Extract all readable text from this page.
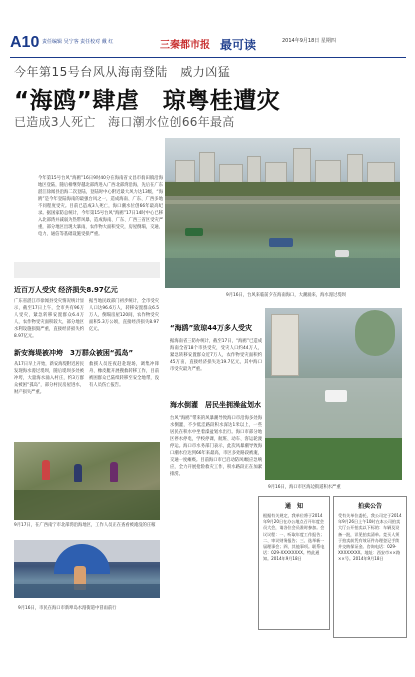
A10 责任编辑 吴宁客 责任校对 戴 红	三秦都市报 最可读	2014年9月18日 星期四
今年第15号台风从海南登陆　威力凶猛
“海鸥”肆虐　琼粤桂遭灾
已造成3人死亡　海口潮水位创66年最高
今年第15号台风“海鸥”16日9时40分在海南省文昌市翁田镇沿海地区登陆，随后相继穿越北部湾进入广西北部湾沿海，先后在广东湛江徐闻县沿海二次登陆，登陆时中心附近最大风力达13级，“海鸥”是今年登陆海南的最强台风之一，造成海南、广东、广西多地不同程度受灾。目前已造成3人死亡，海口潮水位创66年最高纪录。据国家防总统计，今年第15号台风“海鸥”17日14时中心已移入北部湾并减弱为热带风暴，造成海南、广东、广西三省区受灾严重，部分地区出现大暴雨，农作物大面积受灾，房屋倒塌，交通、电力、通信等基础设施受损严重。
9月16日，台风来临前夕在海南海口，大潮涌来，海水漫过堤坝
近百万人受灾 经济损失8.97亿元
广东省湛江市徐闻县受灾情况统计显示，截至17日上午，全市共有96万人受灾，紧急转移安置群众6.4万人，农作物受灾面积较大，部分地区水利设施损毁严重，直接经济损失约8.97亿元。
据当地民政部门初步统计，全市受灾人口达96.6万人，转移安置群众6.5万人，倒塌房屋120间，农作物受灾面积5.3万公顷，直接经济损失8.97亿元。
新安海堤被冲垮　3万群众被困“孤岛”
从17日早上开始，新安海堤附近居民发现海水漫过堤坝，随后堤坝多处被冲垮，大量海水涌入村庄，约3万群众被困“孤岛”，部分村民房屋进水，财产损失严重。
救援人员连夜赶赴现场，调集冲锋舟、橡皮艇开展搜救转移工作，目前被困群众已陆续转移至安全地带，没有人员伤亡报告。
9月17日，在广西南宁市北部湾沿海地区，工作人员正在查看被淹没的庄稼
9月16日，市民在海口市新埠岛水漫街道中冒雨前行
“海鸥”致琼44万多人受灾
据海南省三防办统计，截至17日，“海鸥”已造成海南全省18个市县受灾，受灾人口约44万人，紧急转移安置群众近7万人，农作物受灾面积约45万亩，直接经济损失达19.7亿元，其中海口市受灾最为严重。
海水倒灌　居民坐拥澡盆划水
台风“海鸥”带来的风暴潮导致海口市沿海多处海水倒灌，不少低洼路段积水深达1米以上，一些居民在积水中坐着澡盆划水出行。海口市部分地区停水停电，学校停课，航班、动车、客运轮渡停运。海口市水务部门表示，此次风暴潮导致海口潮水位达到66年来最高，市区多处路段被淹，交通一度瘫痪。目前海口市已启动防风Ⅰ级应急响应，全力开展抢险救灾工作，积水路段正在加紧排涝。
9月16日，海口市区海边街道积水严重
通　知
根据有关规定，我单位将于2014年9月20日在办公地点召开年度会员大会，请各位会员准时参加。会议议程：一、听取年度工作报告；二、审议财务报告；三、选举新一届理事会；四、其他事项。联系电话：029-XXXXXXXX。特此通知。2014年9月18日
拍卖公告
受有关单位委托，我公司定于2014年9月26日上午10时在本公司拍卖大厅公开拍卖以下标的：车辆及设备一批，详见拍卖清单。竞买人须于拍卖前凭有效证件办理登记手续并交纳保证金。咨询电话：029-XXXXXXXX。地址：西安市××路××号。2014年9月18日
